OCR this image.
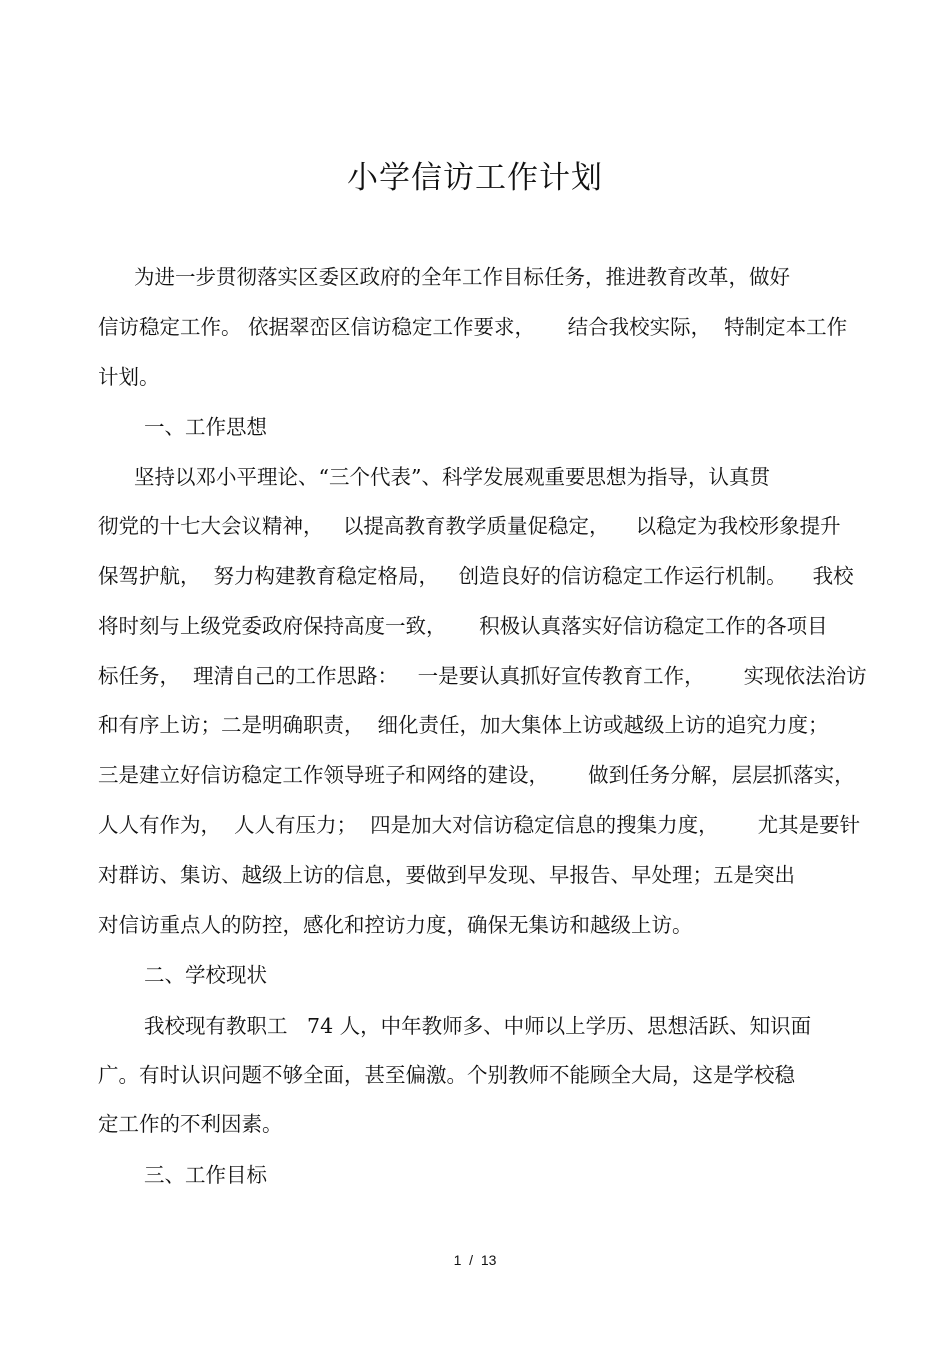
小学信访工作计划

为进一步贯彻落实区委区政府的全年工作目标任务，推进教育改革，做好

信访稳定工作。 依据翠峦区信访稳定工作要求，     结合我校实际，  特制定本工作

计划。

一、工作思想

坚持以邓小平理论、“三个代表”、科学发展观重要思想为指导，认真贯

彻党的十七大会议精神，   以提高教育教学质量促稳定，    以稳定为我校形象提升

保驾护航，  努力构建教育稳定格局，   创造良好的信访稳定工作运行机制。    我校

将时刻与上级党委政府保持高度一致，     积极认真落实好信访稳定工作的各项目

标任务，  理清自己的工作思路：   一是要认真抓好宣传教育工作，      实现依法治访

和有序上访；二是明确职责，  细化责任，加大集体上访或越级上访的追究力度；

三是建立好信访稳定工作领导班子和网络的建设，      做到任务分解，层层抓落实，

人人有作为，  人人有压力；  四是加大对信访稳定信息的搜集力度，      尤其是要针

对群访、集访、越级上访的信息，要做到早发现、早报告、早处理；五是突出

对信访重点人的防控，感化和控访力度，确保无集访和越级上访。

二、学校现状

我校现有教职工   74 人，中年教师多、中师以上学历、思想活跃、知识面

广。有时认识问题不够全面，甚至偏激。个别教师不能顾全大局，这是学校稳

定工作的不利因素。

三、工作目标

1  /  13
